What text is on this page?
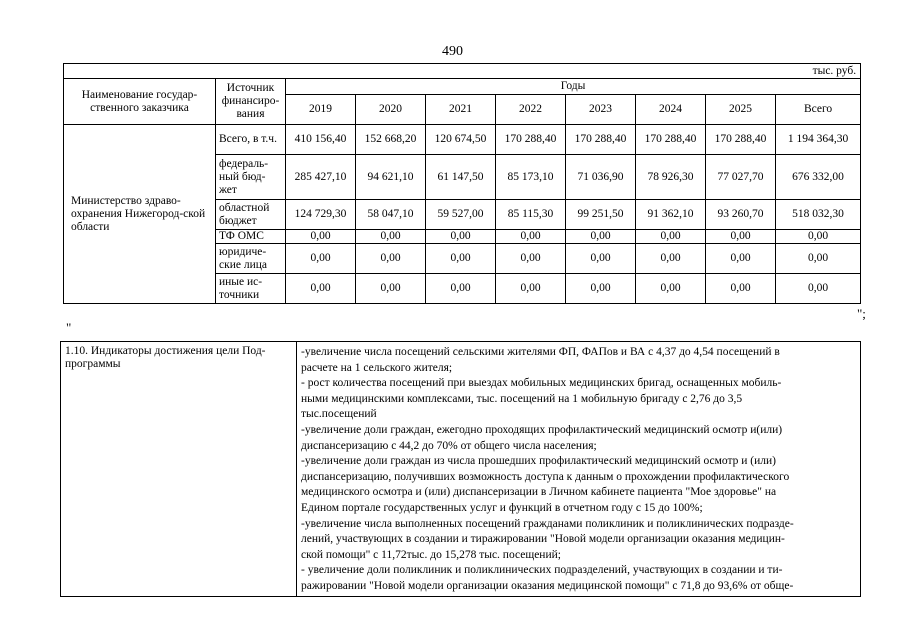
490
тыс. руб.									
Наименование государ-ственного заказчика	Источник финансиро-вания	Годы							
		2019	2020	2021	2022	2023	2024	2025	Всего
Министерство здраво-охранения Нижегород-ской области	Всего, в т.ч.	410 156,40	152 668,20	120 674,50	170 288,40	170 288,40	170 288,40	170 288,40	1 194 364,30
	федераль-ный бюд-жет	285 427,10	94 621,10	61 147,50	85 173,10	71 036,90	78 926,30	77 027,70	676 332,00
	областной бюджет	124 729,30	58 047,10	59 527,00	85 115,30	99 251,50	91 362,10	93 260,70	518 032,30
	ТФ ОМС	0,00	0,00	0,00	0,00	0,00	0,00	0,00	0,00
	юридиче-ские лица	0,00	0,00	0,00	0,00	0,00	0,00	0,00	0,00
	иные ис-точники	0,00	0,00	0,00	0,00	0,00	0,00	0,00	0,00
";
"
1.10. Индикаторы достижения цели Под-программы	
-увеличение числа посещений сельскими жителями ФП, ФАПов и ВА с 4,37 до 4,54 посещений в
расчете на 1 сельского жителя;
- рост количества посещений при выездах мобильных медицинских бригад, оснащенных мобиль-
ными медицинскими комплексами, тыс. посещений на 1 мобильную бригаду с 2,76 до 3,5
тыс.посещений
-увеличение доли граждан, ежегодно проходящих профилактический медицинский осмотр и(или)
диспансеризацию с 44,2 до 70% от общего числа населения;
-увеличение доли граждан из числа прошедших профилактический медицинский осмотр и (или)
диспансеризацию, получивших возможность доступа к данным о прохождении профилактического
медицинского осмотра и (или) диспансеризации в Личном кабинете пациента "Мое здоровье" на
Едином портале государственных услуг и функций в отчетном году с 15 до 100%;
-увеличение числа выполненных посещений гражданами поликлиник и поликлинических подразде-
лений, участвующих в создании и тиражировании "Новой модели организации оказания медицин-
ской помощи" с 11,72тыс. до 15,278 тыс. посещений;
- увеличение доли поликлиник и поликлинических подразделений, участвующих в создании и ти-
ражировании "Новой модели организации оказания медицинской помощи" с 71,8 до 93,6% от обще-
